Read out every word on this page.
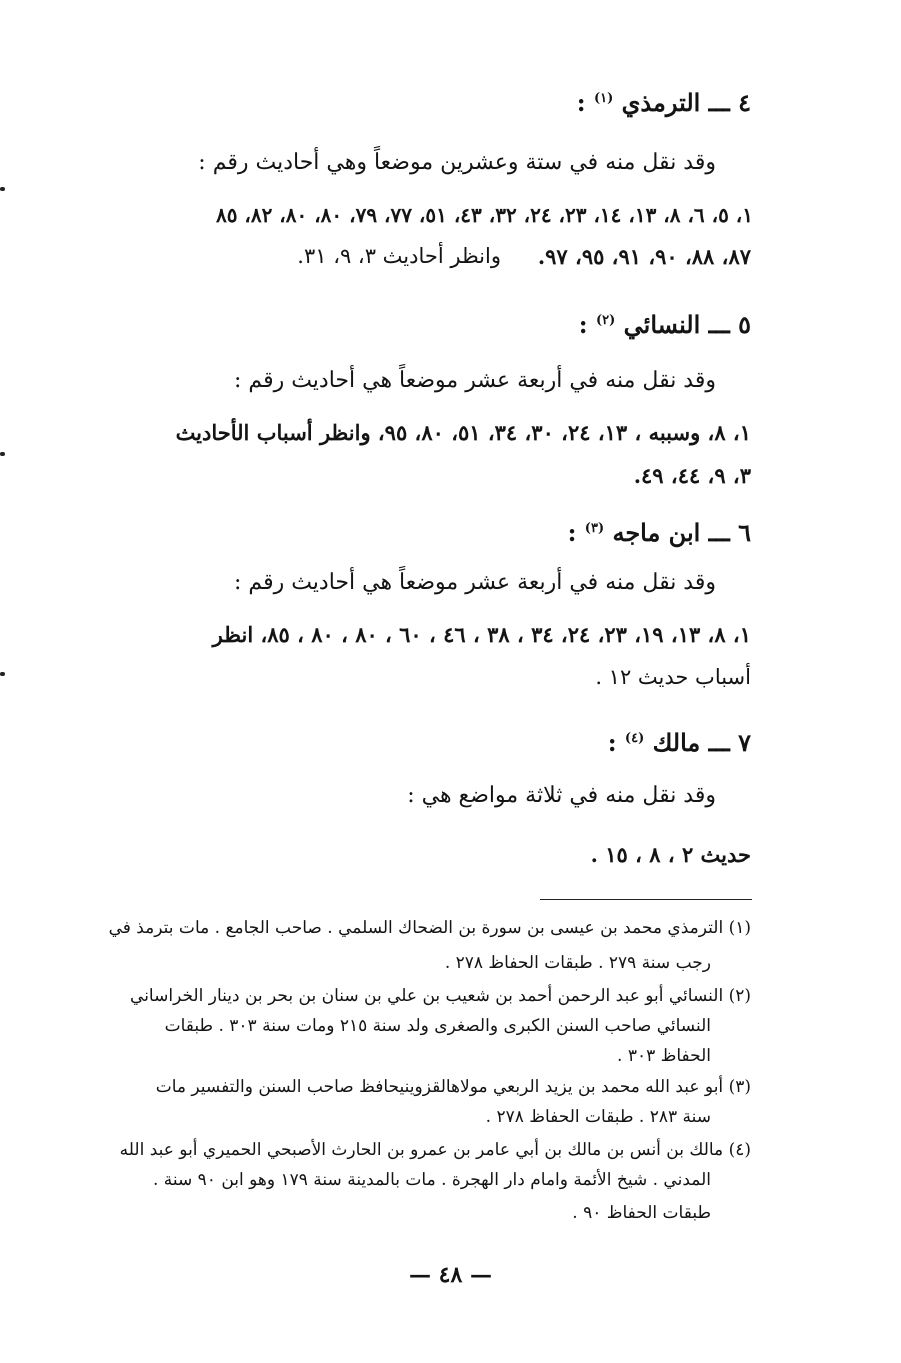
٤ ـــ الترمذي $^{(١)}$ :
وقد نقل منه في ستة وعشرين موضعاً وهي أحاديث رقم :
١، ٥، ٦، ٨، ١٣، ١٤، ٢٣، ٢٤، ٣٢، ٤٣، ٥١، ٧٧، ٧٩، ٨٠، ٨٠، ٨٢، ٨٥
٨٧، ٨٨، ٩٠، ٩١، ٩٥، ٩٧.
وانظر أحاديث ٣، ٩، ٣١.
٥ ـــ النسائي $^{(٢)}$ :
وقد نقل منه في أربعة عشر موضعاً هي أحاديث رقم :
١، ٨، وسببه ، ١٣، ٢٤، ٣٠، ٣٤، ٥١، ٨٠، ٩٥، وانظر أسباب الأحاديث
٣، ٩، ٤٤، ٤٩.
٦ ـــ ابن ماجه $^{(٣)}$ :
وقد نقل منه في أربعة عشر موضعاً هي أحاديث رقم :
١، ٨، ١٣، ١٩، ٢٣، ٢٤، ٣٤ ، ٣٨ ، ٤٦ ، ٦٠ ، ٨٠ ، ٨٠ ، ٨٥، انظر
أسباب حديث ١٢ .
٧ ـــ مالك $^{(٤)}$ :
وقد نقل منه في ثلاثة مواضع هي :
حديث ٢ ، ٨ ، ١٥ .
(١) الترمذي محمد بن عيسى بن سورة بن الضحاك السلمي . صاحب الجامع . مات بترمذ في
رجب سنة ٢٧٩ . طبقات الحفاظ ٢٧٨ .
(٢) النسائي أبو عبد الرحمن أحمد بن شعيب بن علي بن سنان بن بحر بن دينار الخراساني
النسائي صاحب السنن الكبرى والصغرى ولد سنة ٢١٥ ومات سنة ٣٠٣ . طبقات
الحفاظ ٣٠٣ .
(٣) أبو عبد الله محمد بن يزيد الربعي مولاهالقزوينيحافظ صاحب السنن والتفسير مات
سنة ٢٨٣ . طبقات الحفاظ ٢٧٨ .
(٤) مالك بن أنس بن مالك بن أبي عامر بن عمرو بن الحارث الأصبحي الحميري أبو عبد الله
المدني . شيخ الأئمة وامام دار الهجرة . مات بالمدينة سنة ١٧٩ وهو ابن ٩٠ سنة .
طبقات الحفاظ ٩٠ .
— ٤٨ —
